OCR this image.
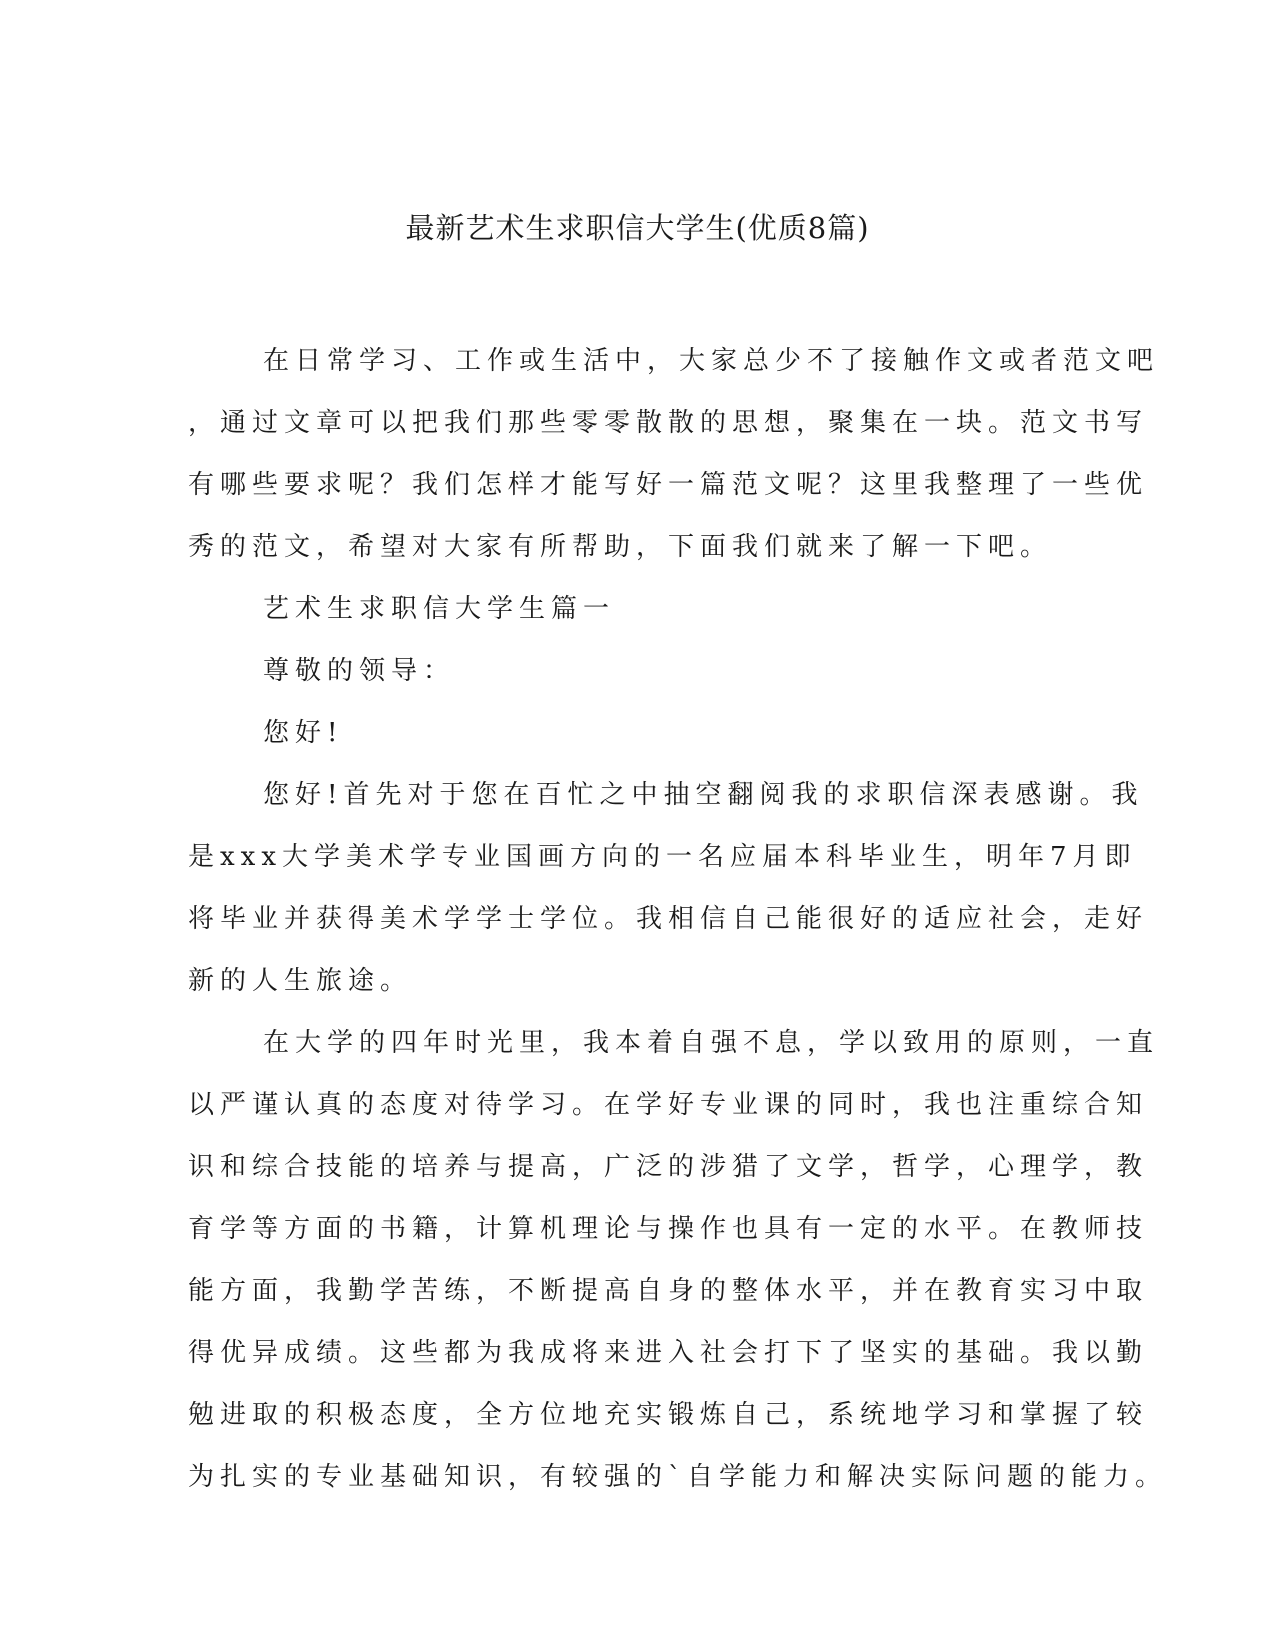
最新艺术生求职信大学生(优质8篇)

在日常学习、工作或生活中，大家总少不了接触作文或者范文吧
，通过文章可以把我们那些零零散散的思想，聚集在一块。范文书写
有哪些要求呢？我们怎样才能写好一篇范文呢？这里我整理了一些优
秀的范文，希望对大家有所帮助，下面我们就来了解一下吧。

艺术生求职信大学生篇一

尊敬的领导：

您好!

您好!首先对于您在百忙之中抽空翻阅我的求职信深表感谢。我
是xxx大学美术学专业国画方向的一名应届本科毕业生，明年7月即
将毕业并获得美术学学士学位。我相信自己能很好的适应社会，走好
新的人生旅途。

在大学的四年时光里，我本着自强不息，学以致用的原则，一直
以严谨认真的态度对待学习。在学好专业课的同时，我也注重综合知
识和综合技能的培养与提高，广泛的涉猎了文学，哲学，心理学，教
育学等方面的书籍，计算机理论与操作也具有一定的水平。在教师技
能方面，我勤学苦练，不断提高自身的整体水平，并在教育实习中取
得优异成绩。这些都为我成将来进入社会打下了坚实的基础。我以勤
勉进取的积极态度，全方位地充实锻炼自己，系统地学习和掌握了较
为扎实的专业基础知识，有较强的`自学能力和解决实际问题的能力。
